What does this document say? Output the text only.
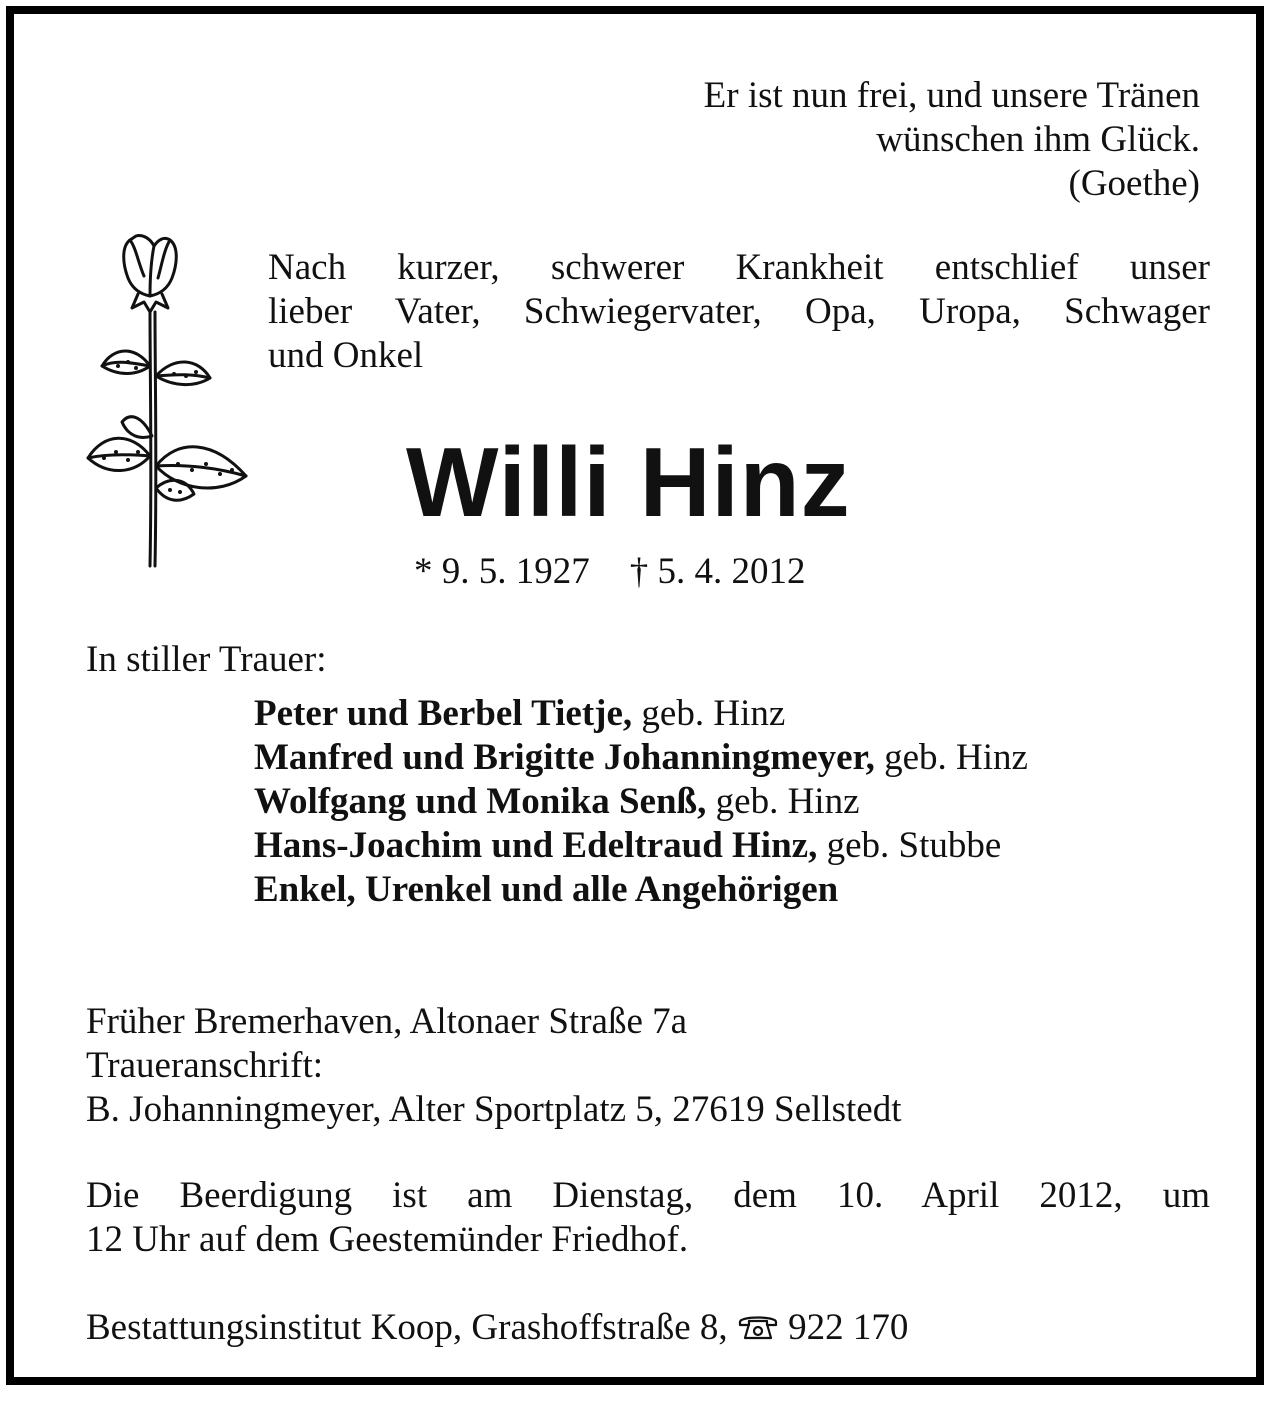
Er ist nun frei, und unsere Tränen
wünschen ihm Glück.
(Goethe)
Nach kurzer, schwerer Krankheit entschlief unser
lieber Vater, Schwiegervater, Opa, Uropa, Schwager
und Onkel
Willi Hinz
* 9. 5. 1927 † 5. 4. 2012
In stiller Trauer:
Peter und Berbel Tietje, geb. Hinz
Manfred und Brigitte Johanningmeyer, geb. Hinz
Wolfgang und Monika Senß, geb. Hinz
Hans-Joachim und Edeltraud Hinz, geb. Stubbe
Enkel, Urenkel und alle Angehörigen
Früher Bremerhaven, Altonaer Straße 7a
Traueranschrift:
B. Johanningmeyer, Alter Sportplatz 5, 27619 Sellstedt
Die Beerdigung ist am Dienstag, dem 10. April 2012, um
12 Uhr auf dem Geestemünder Friedhof.
Bestattungsinstitut Koop, Grashoffstraße 8, 922 170
